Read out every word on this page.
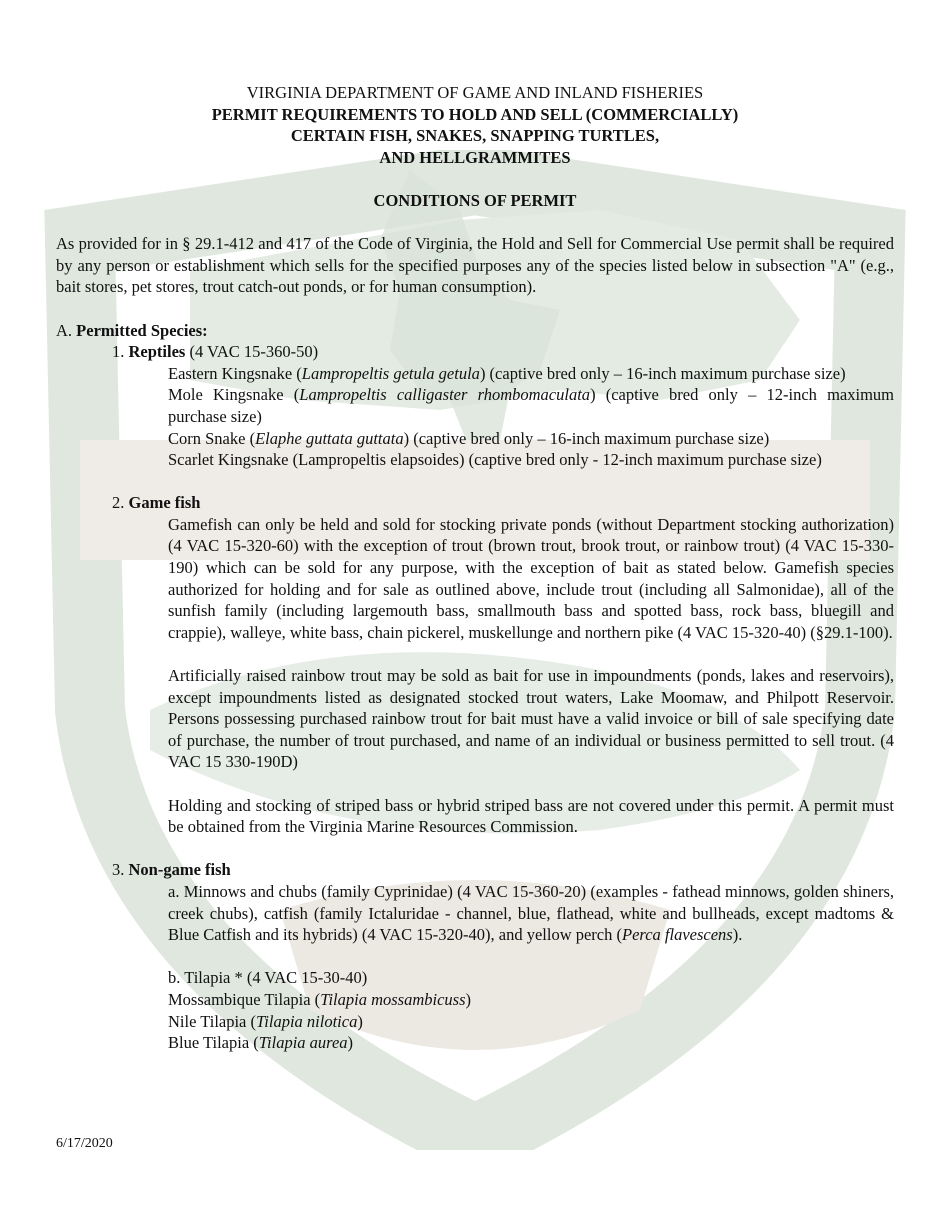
VIRGINIA DEPARTMENT OF GAME AND INLAND FISHERIES
PERMIT REQUIREMENTS TO HOLD AND SELL (COMMERCIALLY)
CERTAIN FISH, SNAKES, SNAPPING TURTLES,
AND HELLGRAMMITES
CONDITIONS OF PERMIT

As provided for in § 29.1-412 and 417 of the Code of Virginia, the Hold and Sell for Commercial Use permit shall be required by any person or establishment which sells for the specified purposes any of the species listed below in subsection "A" (e.g., bait stores, pet stores, trout catch-out ponds, or for human consumption).

A. Permitted Species:
1. Reptiles (4 VAC 15-360-50)

Eastern Kingsnake (Lampropeltis getula getula) (captive bred only – 16-inch maximum purchase size)

Mole Kingsnake (Lampropeltis calligaster rhombomaculata) (captive bred only – 12-inch maximum purchase size)

Corn Snake (Elaphe guttata guttata) (captive bred only – 16-inch maximum purchase size)

Scarlet Kingsnake (Lampropeltis elapsoides) (captive bred only - 12-inch maximum purchase size)

2. Game fish

Gamefish can only be held and sold for stocking private ponds (without Department stocking authorization) (4 VAC 15-320-60) with the exception of trout (brown trout, brook trout, or rainbow trout) (4 VAC 15-330-190) which can be sold for any purpose, with the exception of bait as stated below. Gamefish species authorized for holding and for sale as outlined above, include trout (including all Salmonidae), all of the sunfish family (including largemouth bass, smallmouth bass and spotted bass, rock bass, bluegill and crappie), walleye, white bass, chain pickerel, muskellunge and northern pike (4 VAC 15-320-40) (§29.1-100).

Artificially raised rainbow trout may be sold as bait for use in impoundments (ponds, lakes and reservoirs), except impoundments listed as designated stocked trout waters, Lake Moomaw, and Philpott Reservoir. Persons possessing purchased rainbow trout for bait must have a valid invoice or bill of sale specifying date of purchase, the number of trout purchased, and name of an individual or business permitted to sell trout. (4 VAC 15 330-190D)

Holding and stocking of striped bass or hybrid striped bass are not covered under this permit. A permit must be obtained from the Virginia Marine Resources Commission.

3. Non-game fish

a. Minnows and chubs (family Cyprinidae) (4 VAC 15-360-20) (examples - fathead minnows, golden shiners, creek chubs), catfish (family Ictaluridae - channel, blue, flathead, white and bullheads, except madtoms & Blue Catfish and its hybrids) (4 VAC 15-320-40), and yellow perch (Perca flavescens).

b. Tilapia * (4 VAC 15-30-40)

Mossambique Tilapia (Tilapia mossambicuss)

Nile Tilapia (Tilapia nilotica)

Blue Tilapia (Tilapia aurea)

6/17/2020
